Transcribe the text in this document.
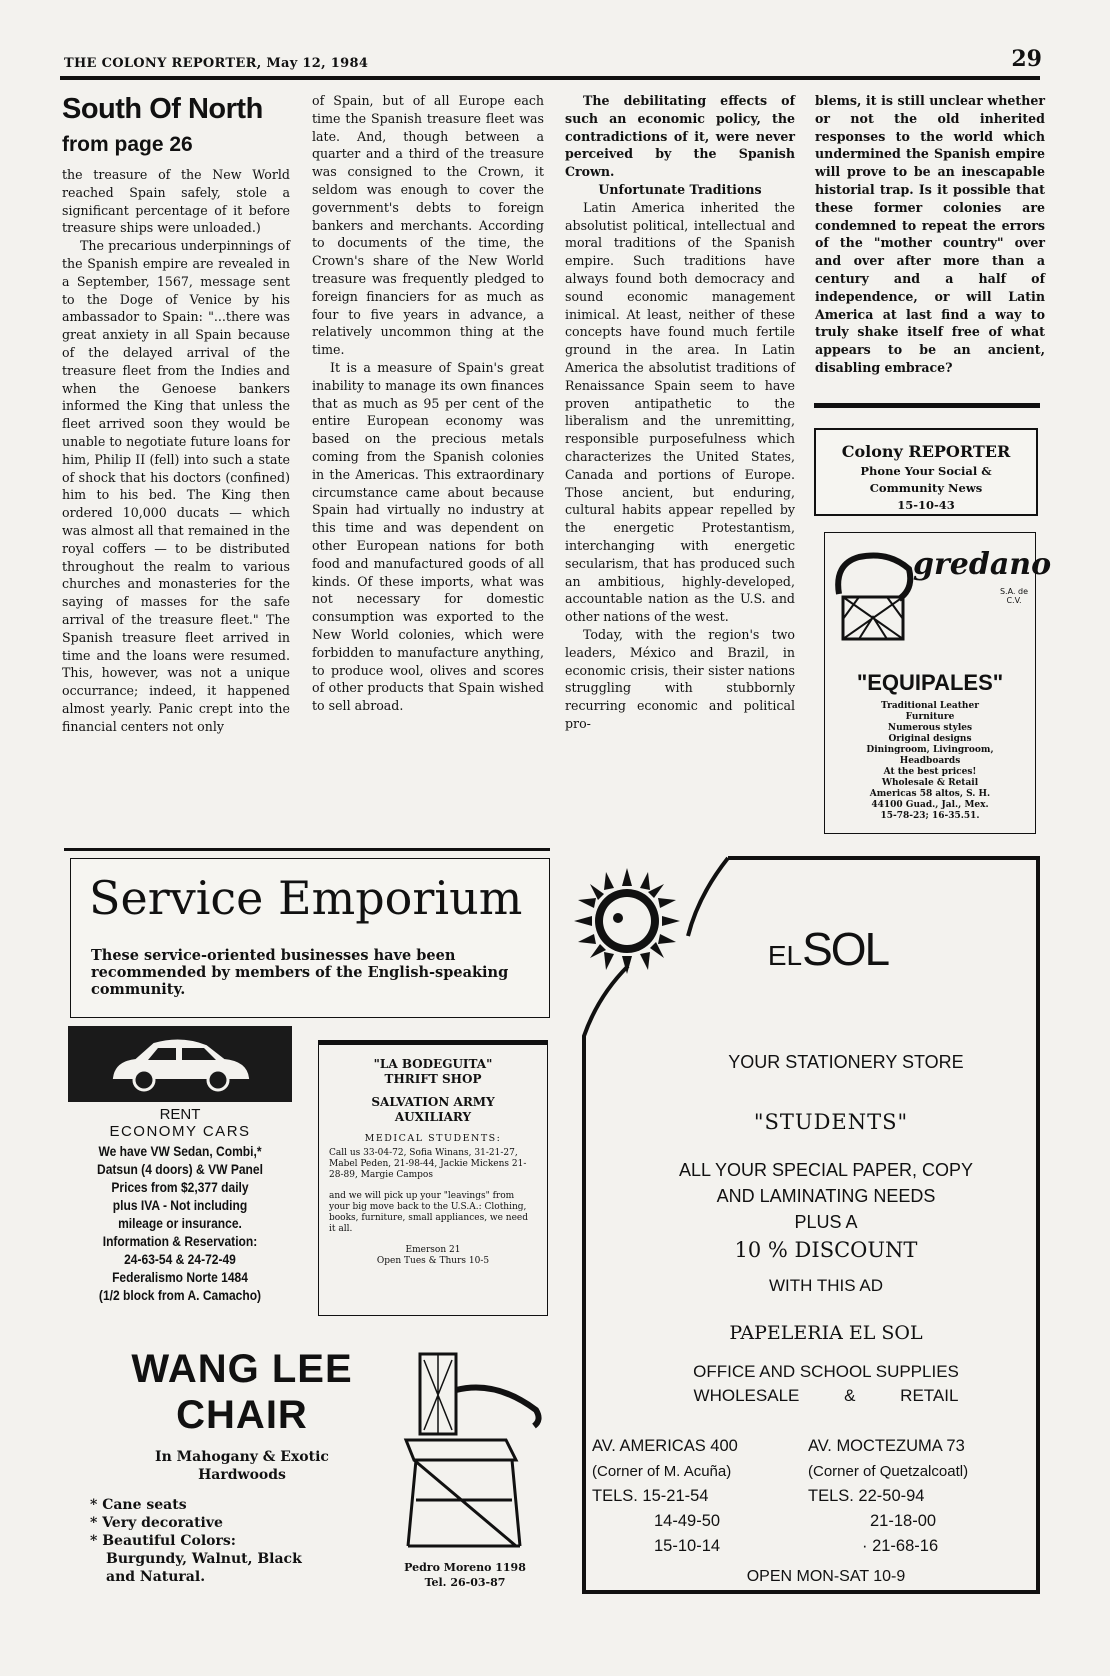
THE COLONY REPORTER, May 12, 1984	29
South Of North
from page 26

the treasure of the New World reached Spain safely, stole a significant percentage of it before treasure ships were unloaded.)

The precarious underpinnings of the Spanish empire are revealed in a September, 1567, message sent to the Doge of Venice by his ambassador to Spain: "...there was great anxiety in all Spain because of the delayed arrival of the treasure fleet from the Indies and when the Genoese bankers informed the King that unless the fleet arrived soon they would be unable to negotiate future loans for him, Philip II (fell) into such a state of shock that his doctors (confined) him to his bed. The King then ordered 10,000 ducats — which was almost all that remained in the royal coffers — to be distributed throughout the realm to various churches and monasteries for the saying of masses for the safe arrival of the treasure fleet." The Spanish treasure fleet arrived in time and the loans were resumed. This, however, was not a unique occurrance; indeed, it happened almost yearly. Panic crept into the financial centers not only

of Spain, but of all Europe each time the Spanish treasure fleet was late. And, though between a quarter and a third of the treasure was consigned to the Crown, it seldom was enough to cover the government's debts to foreign bankers and merchants. According to documents of the time, the Crown's share of the New World treasure was frequently pledged to foreign financiers for as much as four to five years in advance, a relatively uncommon thing at the time.

It is a measure of Spain's great inability to manage its own finances that as much as 95 per cent of the entire European economy was based on the precious metals coming from the Spanish colonies in the Americas. This extraordinary circumstance came about because Spain had virtually no industry at this time and was dependent on other European nations for both food and manufactured goods of all kinds. Of these imports, what was not necessary for domestic consumption was exported to the New World colonies, which were forbidden to manufacture anything, to produce wool, olives and scores of other products that Spain wished to sell abroad.

The debilitating effects of such an economic policy, the contradictions of it, were never perceived by the Spanish Crown.

Unfortunate Traditions

Latin America inherited the absolutist political, intellectual and moral traditions of the Spanish empire. Such traditions have always found both democracy and sound economic management inimical. At least, neither of these concepts have found much fertile ground in the area. In Latin America the absolutist traditions of Renaissance Spain seem to have proven antipathetic to the liberalism and the unremitting, responsible purposefulness which characterizes the United States, Canada and portions of Europe. Those ancient, but enduring, cultural habits appear repelled by the energetic Protestantism, interchanging with energetic secularism, that has produced such an ambitious, highly-developed, accountable nation as the U.S. and other nations of the west.

Today, with the region's two leaders, México and Brazil, in economic crisis, their sister nations struggling with stubbornly recurring economic and political pro-

blems, it is still unclear whether or not the old inherited responses to the world which undermined the Spanish empire will prove to be an inescapable historial trap. Is it possible that these former colonies are condemned to repeat the errors of the "mother country" over and over after more than a century and a half of independence, or will Latin America at last find a way to truly shake itself free of what appears to be an ancient, disabling embrace?

Colony REPORTER
Phone Your Social &
Community News
15-10-43
gredano
S.A. de C.V.
"EQUIPALES"
Traditional Leather
Furniture
Numerous styles
Original designs
Diningroom, Livingroom,
Headboards
At the best prices!
Wholesale & Retail
Americas 58 altos, S. H.
44100 Guad., Jal., Mex.
15-78-23; 16-35.51.
Service Emporium
These service-oriented businesses have been recommended by members of the English-speaking community.
RENT
ECONOMY CARS
We have VW Sedan, Combi,*
Datsun (4 doors) & VW Panel
Prices from $2,377 daily
plus IVA - Not including
mileage or insurance.
Information & Reservation:
24-63-54 & 24-72-49
Federalismo Norte 1484
(1/2 block from A. Camacho)
"LA BODEGUITA"
THRIFT SHOP
SALVATION ARMY
AUXILIARY
MEDICAL STUDENTS:
Call us 33-04-72, Sofia Winans, 31-21-27, Mabel Peden, 21-98-44, Jackie Mickens 21-28-89, Margie Campos
and we will pick up your "leavings" from your big move back to the U.S.A.: Clothing, books, furniture, small appliances, we need it all.
Emerson 21
Open Tues & Thurs 10-5
WANG LEE
CHAIR
In Mahogany & Exotic
Hardwoods
* Cane seats
* Very decorative
* Beautiful Colors:
Burgundy, Walnut, Black
and Natural.
Pedro Moreno 1198
Tel. 26-03-87
ELSOL
YOUR STATIONERY STORE
"STUDENTS"
ALL YOUR SPECIAL PAPER, COPY
AND LAMINATING NEEDS
PLUS A
10 % DISCOUNT
WITH THIS AD
PAPELERIA EL SOL
OFFICE AND SCHOOL SUPPLIES
WHOLESALE	&	RETAIL
AV. AMERICAS 400
(Corner of M. Acuña)
TELS. 15-21-54
14-49-50
15-10-14
AV. MOCTEZUMA 73
(Corner of Quetzalcoatl)
TELS. 22-50-94
21-18-00
· 21-68-16
OPEN MON-SAT 10-9
